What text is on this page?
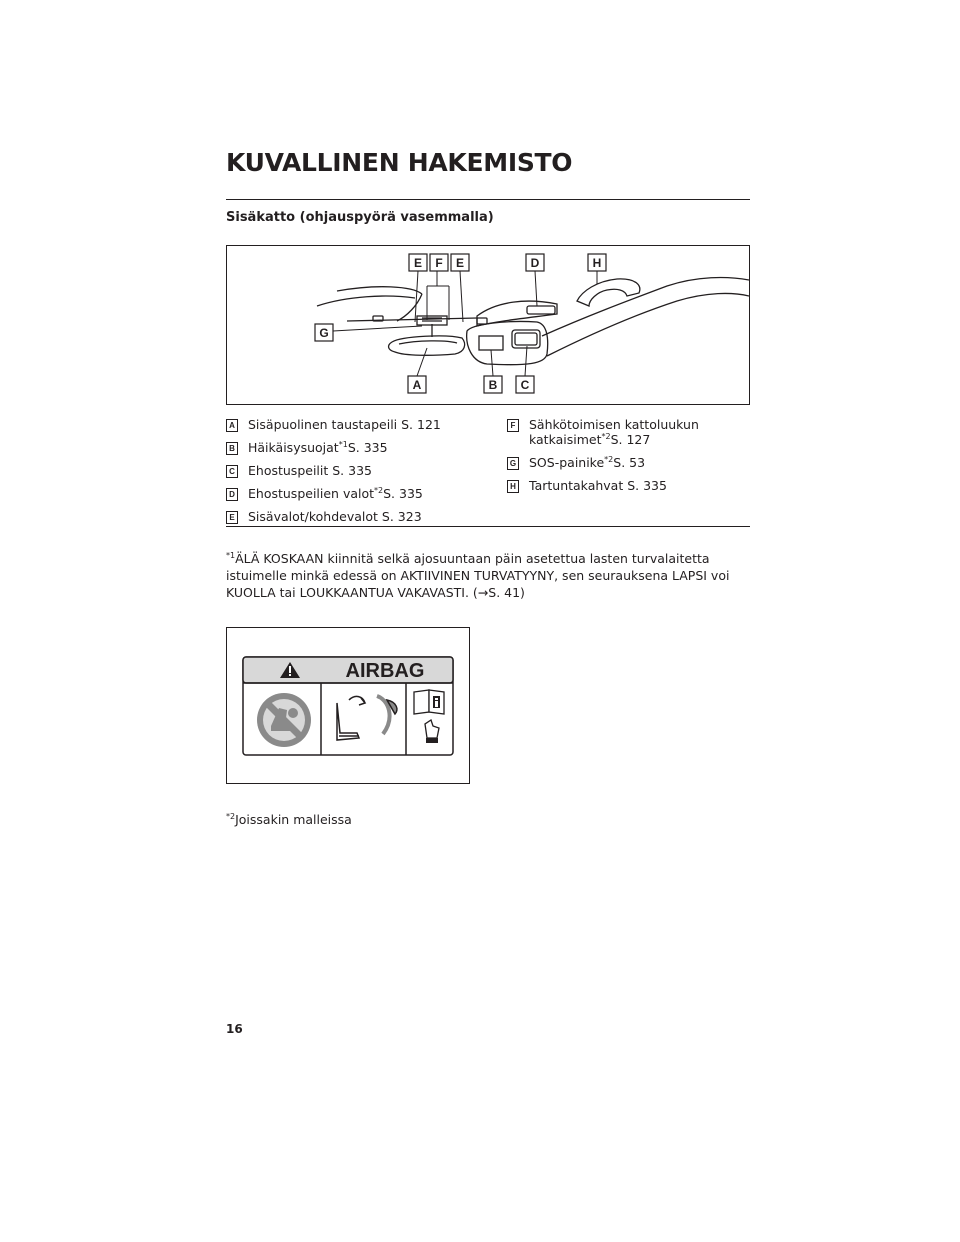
KUVALLINEN HAKEMISTO
Sisäkatto (ohjauspyörä vasemmalla)
E F E	D	H
G
A	B C
A Sisäpuolinen taustapeili S. 121
B Häikäisysuojat$^{*1}$S. 335
C Ehostuspeilit S. 335
D Ehostuspeilien valot$^{*2}$S. 335
E Sisävalot/kohdevalot S. 323
F Sähkötoimisen kattoluukun
katkaisimet$^{*2}$S. 127
G SOS-painike$^{*2}$S. 53
H Tartuntakahvat S. 335
$^{*1}$ÄLÄ KOSKAAN kiinnitä selkä ajosuuntaan päin asetettua lasten turvalaitetta istuimelle minkä edessä on AKTIIVINEN TURVATYYNY, sen seurauksena LAPSI voi KUOLLA tai LOUKKAANTUA VAKAVASTI. (→S. 41)
AIRBAG
$^{*2}$Joissakin malleissa
16
